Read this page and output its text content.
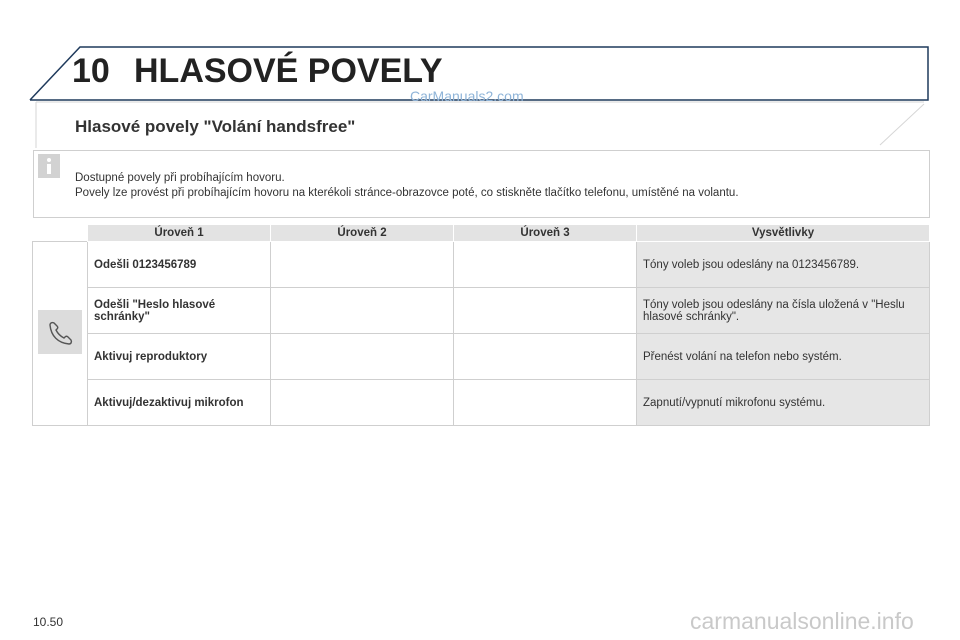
10 HLASOVÉ POVELY
CarManuals2.com
Hlasové povely "Volání handsfree"
Dostupné povely při probíhajícím hovoru.
Povely lze provést při probíhajícím hovoru na kterékoli stránce-obrazovce poté, co stiskněte tlačítko telefonu, umístěné na volantu.
	Úroveň 1	Úroveň 2	Úroveň 3	Vysvětlivky
	Odešli 0123456789			Tóny voleb jsou odeslány na 0123456789.
	Odešli "Heslo hlasové schránky"			Tóny voleb jsou odeslány na čísla uložená v "Heslu hlasové schránky".
	Aktivuj reproduktory			Přenést volání na telefon nebo systém.
	Aktivuj/dezaktivuj mikrofon			Zapnutí/vypnutí mikrofonu systému.
10.50	carmanualsonline.info
